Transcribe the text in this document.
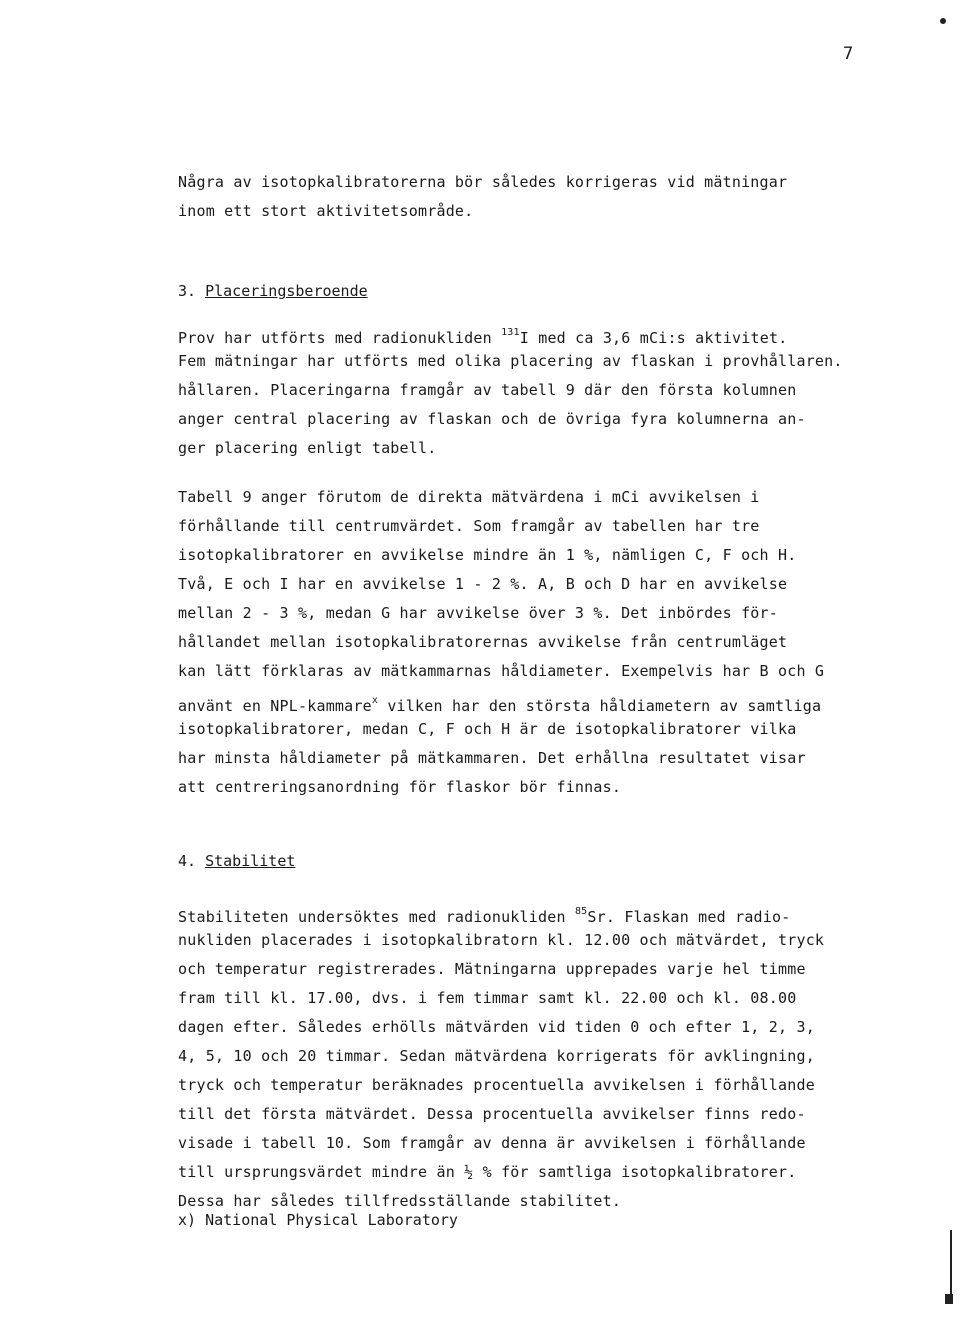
7
Några av isotopkalibratorerna bör således korrigeras vid mätningar
inom ett stort aktivitetsområde.
3. Placeringsberoende
Prov har utförts med radionukliden $^{131}$I med ca 3,6 mCi:s aktivitet.
Fem mätningar har utförts med olika placering av flaskan i provhållaren.
hållaren. Placeringarna framgår av tabell 9 där den första kolumnen
anger central placering av flaskan och de övriga fyra kolumnerna an-
ger placering enligt tabell.
Tabell 9 anger förutom de direkta mätvärdena i mCi avvikelsen i
förhållande till centrumvärdet. Som framgår av tabellen har tre
isotopkalibratorer en avvikelse mindre än 1 %, nämligen C, F och H.
Två, E och I har en avvikelse 1 - 2 %. A, B och D har en avvikelse
mellan 2 - 3 %, medan G har avvikelse över 3 %. Det inbördes för-
hållandet mellan isotopkalibratorernas avvikelse från centrumläget
kan lätt förklaras av mätkammarnas håldiameter. Exempelvis har B och G
använt en NPL-kammare$^x$ vilken har den största håldiametern av samtliga
isotopkalibratorer, medan C, F och H är de isotopkalibratorer vilka
har minsta håldiameter på mätkammaren. Det erhållna resultatet visar
att centreringsanordning för flaskor bör finnas.
4. Stabilitet
Stabiliteten undersöktes med radionukliden $^{85}$Sr. Flaskan med radio-
nukliden placerades i isotopkalibratorn kl. 12.00 och mätvärdet, tryck
och temperatur registrerades. Mätningarna upprepades varje hel timme
fram till kl. 17.00, dvs. i fem timmar samt kl. 22.00 och kl. 08.00
dagen efter. Således erhölls mätvärden vid tiden 0 och efter 1, 2, 3,
4, 5, 10 och 20 timmar. Sedan mätvärdena korrigerats för avklingning,
tryck och temperatur beräknades procentuella avvikelsen i förhållande
till det första mätvärdet. Dessa procentuella avvikelser finns redo-
visade i tabell 10. Som framgår av denna är avvikelsen i förhållande
till ursprungsvärdet mindre än ½ % för samtliga isotopkalibratorer.
Dessa har således tillfredsställande stabilitet.
x) National Physical Laboratory
